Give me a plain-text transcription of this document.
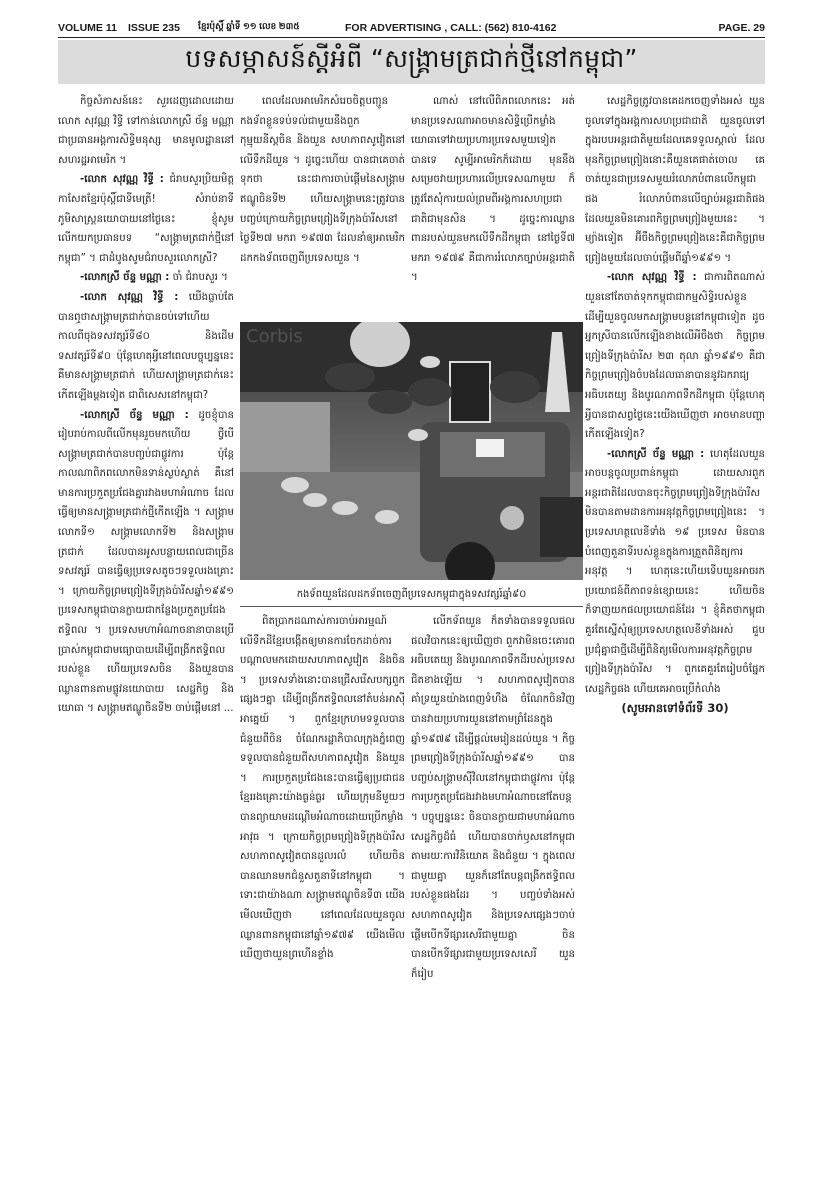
VOLUME 11	ISSUE 235	ខ្មែរប៉ុស្ដិ៍ ឆ្នាំទី ១១ លេខ ២៣៥	FOR ADVERTISING , CALL: (562) 810-4162	PAGE. 29
បទសម្ភាសន៍ស្ដីអំពី “សង្គ្រាមត្រជាក់ថ្មីនៅកម្ពុជា”

កិច្ចសំភាសន៍នេះ សួរដេញដោលដោយលោក សុវណ្ណ វិទ្ធី ទៅកាន់លោកស្រី ច័ន្ទ មណ្ណា ជាប្រធានអង្គការសិទ្ធិមនុស្ស មានមូលដ្ឋាននៅសហរដ្ឋអាមេរិក ។

-លោក សុវណ្ណ វិទ្ធី : ជំរាបសួរប្រិយមិត្តកាសែតខ្មែរប៉ុស្ដិ៍ជាទីមេត្រី! សំរាប់នាទីភូមិសាស្ត្រនយោបាយនៅថ្ងៃនេះ ខ្ញុំសូមលើកយកប្រធានបទ “សង្គ្រាមត្រជាក់ថ្មីនៅកម្ពុជា” ។ ជាដំបូងសូមជំរាបសួរលោកស្រី?

-លោកស្រី ច័ន្ទ មណ្ណា : ចាំ ជំរាបសួរ ។

-លោក សុវណ្ណ វិទ្ធី : យើងធ្លាប់តែបានឮថាសង្គ្រាមត្រជាក់បានចប់ទៅហើយ កាលពីចុងទសវត្សរ៍ទី៨០ និងដើមទសវត្សរ៍ទី៩០ ប៉ុន្តែហេតុអ្វីនៅពេលបច្ចុប្បន្ននេះ គឺមានសង្គ្រាមត្រជាក់ ហើយសង្គ្រាមត្រជាក់នេះកើតឡើងម្ដងទៀត ជាពិសេសនៅកម្ពុជា?

-លោកស្រី ច័ន្ទ មណ្ណា : ដូចខ្ញុំបានរៀបរាប់កាលពីលើកមុនរួចមកហើយ ថ្វីបើសង្គ្រាមត្រជាក់បានបញ្ចប់ជាផ្លូវការ ប៉ុន្តែកាលណាពិភពលោកមិនទាន់ស្ងប់ស្ងាត់ គឺនៅមានការប្រកួតប្រជែងគ្នារវាងមហាអំណាច ដែលធ្វើឲ្យមានសង្គ្រាមត្រជាក់ថ្មីកើតឡើង ។ សង្គ្រាមលោកទី១ សង្គ្រាមលោកទី២ និងសង្គ្រាមត្រជាក់ ដែលបានអូសបន្លាយពេលជាច្រើនទសវត្សរ៍ បានធ្វើឲ្យប្រទេសតូចៗទទួលរងគ្រោះ ។ ក្រោយកិច្ចព្រមព្រៀងទីក្រុងប៉ារីសឆ្នាំ១៩៩១ ប្រទេសកម្ពុជាបានក្លាយជាកន្លែងប្រកួតប្រជែងឥទ្ធិពល ។ ប្រទេសមហាអំណាចនានាបានប្រើប្រាស់កម្ពុជាជាមធ្យោបាយដើម្បីពង្រីកឥទ្ធិពលរបស់ខ្លួន ហើយប្រទេសចិន និងយួនបានឈ្លានពានតាមផ្លូវនយោបាយ សេដ្ឋកិច្ច និងយោធា ។ សង្គ្រាមឥណ្ឌូចិនទី២ ចាប់ផ្ដើមនៅ ...

ពេលដែលអាមេរិកសំរេចចិត្តបញ្ជូនកងទ័ពខ្លួនទប់ទល់ជាមួយនឹងពួកកុម្មុយនីស្តចិន និងយួន សហភាពសូវៀតនៅលើទឹកដីយួន ។ ដូច្នេះហើយ បានជាគេចាត់ទុកថា នេះជាការចាប់ផ្ដើមនៃសង្គ្រាមឥណ្ឌូចិនទី២ ហើយសង្គ្រាមនេះត្រូវបានបញ្ចប់ក្រោយកិច្ចព្រមព្រៀងទីក្រុងប៉ារីសនៅថ្ងៃទី២៧ មករា ១៩៧៣ ដែលនាំឲ្យអាមេរិកដកកងទ័ពចេញពីប្រទេសយួន ។

ណាស់ នៅលើពិភពលោកនេះ អត់មានប្រទេសណាអាចមានសិទ្ធិប្រើកម្លាំងយោធាទៅវាយប្រហារប្រទេសមួយទៀតបានទេ សូម្បីអាមេរិកក៏ដោយ មុននឹងសម្រេចវាយប្រហារលើប្រទេសណាមួយ ក៏ត្រូវតែសុំការយល់ព្រមពីអង្គការសហប្រជាជាតិជាមុនសិន ។ ដូច្នេះការឈ្លានពានរបស់យួនមកលើទឹកដីកម្ពុជា នៅថ្ងៃទី៧ មករា ១៩៧៩ គឺជាការរំលោភច្បាប់អន្តរជាតិ ។

Corbis
កងទ័ពយួនដែលដកទ័ពចេញពីប្រទេសកម្ពុជាក្នុងទសវត្សរ៍ឆ្នាំ៩០

ពិតប្រាកដណាស់ការចាប់អារម្មណ៍លើទឹកដីខ្មែរបង្កើតឲ្យមានការចែកដាច់ការបណ្ដាលមកដោយសហភាពសូវៀត និងចិន ។ ប្រទេសទាំងនោះបានជ្រើសរើសបក្សពួកផ្សេងៗគ្នា ដើម្បីពង្រីកឥទ្ធិពលនៅតំបន់អាស៊ីអាគ្នេយ៍ ។ ពួកខ្មែរក្រហមទទួលបានជំនួយពីចិន ចំណែករដ្ឋាភិបាលក្រុងភ្នំពេញទទួលបានជំនួយពីសហភាពសូវៀត និងយួន ។ ការប្រកួតប្រជែងនេះបានធ្វើឲ្យប្រជាជនខ្មែររងគ្រោះយ៉ាងធ្ងន់ធ្ងរ ហើយក្រុមនីមួយៗបានព្យាយាមដណ្ដើមអំណាចដោយប្រើកម្លាំងអាវុធ ។ ក្រោយកិច្ចព្រមព្រៀងទីក្រុងប៉ារីស សហភាពសូវៀតបានដួលរលំ ហើយចិនបានឈានមកជំនួសតួនាទីនៅកម្ពុជា ។ ទោះជាយ៉ាងណា សង្គ្រាមឥណ្ឌូចិនទី៣ យើងមើលឃើញថា នៅពេលដែលយួនចូលឈ្លានពានកម្ពុជានៅឆ្នាំ១៩៧៩ យើងមើលឃើញថាយួនព្រហើនខ្លាំង

លើកទ័ពយួន ក៏តទាំងបានទទួលផល ផលវិបាកនេះឲ្យឃើញថា ពួកវាមិនចេះគោរពអធិបតេយ្យ និងបូរណភាពទឹកដីរបស់ប្រទេសជិតខាងឡើយ ។ សហភាពសូវៀតបានគាំទ្រយួនយ៉ាងពេញទំហឹង ចំណែកចិនវិញបានវាយប្រហារយួននៅតាមព្រំដែនក្នុងឆ្នាំ១៩៧៩ ដើម្បីផ្ដល់មេរៀនដល់យួន ។ កិច្ចព្រមព្រៀងទីក្រុងប៉ារីសឆ្នាំ១៩៩១ បានបញ្ចប់សង្គ្រាមស៊ីវិលនៅកម្ពុជាជាផ្លូវការ ប៉ុន្តែការប្រកួតប្រជែងរវាងមហាអំណាចនៅតែបន្ត ។ បច្ចុប្បន្ននេះ ចិនបានក្លាយជាមហាអំណាចសេដ្ឋកិច្ចដ៏ធំ ហើយបានចាក់ឫសនៅកម្ពុជា តាមរយៈការវិនិយោគ និងជំនួយ ។ ក្នុងពេលជាមួយគ្នា យួនក៏នៅតែបន្តពង្រីកឥទ្ធិពលរបស់ខ្លួនផងដែរ ។ បញ្ចប់ទាំងអស់ សហភាពសូវៀត និងប្រទេសផ្សេងៗចាប់ផ្ដើមបើកទីផ្សារសេរីជាមួយគ្នា ចិន បានបើកទីផ្សារជាមួយប្រទេសសេរី យួនក៏រៀប

សេដ្ឋកិច្ចត្រូវបានគេដកចេញទាំងអស់ យួនចូលទៅក្នុងអង្គការសហប្រជាជាតិ យួនចូលទៅក្នុងរបបអន្តរជាតិមួយដែលគេទទួលស្គាល់ ដែលមុនកិច្ចព្រមព្រៀងនោះគឺយួនគេផាត់ចោល គេចាត់យួនជាប្រទេសមួយរំលោភបំពានលើកម្ពុជា ផង រំលោភបំពានលើច្បាប់អន្តរជាតិផង ដែលយួនមិនគោរពកិច្ចព្រមព្រៀងមួយនេះ ។ ម្យ៉ាងទៀត អ៊ីចឹងកិច្ចព្រមព្រៀងនេះគឺជាកិច្ចព្រមព្រៀងមួយដែលចាប់ផ្ដើមពីឆ្នាំ១៩៩១ ។

-លោក សុវណ្ណ វិទ្ធី : ជាការពិតណាស់ យួននៅតែចាត់ទុកកម្ពុជាជាកម្មសិទ្ធិរបស់ខ្លួន ដើម្បីយួនចូលមកសង្គ្រាមបន្តនៅកម្ពុជាទៀត ដូចអ្នកស្រីបានលើកឡើងខាងលើអីចឹងថា កិច្ចព្រមព្រៀងទីក្រុងប៉ារីស ២៣ តុលា ឆ្នាំ១៩៩១ គឺជាកិច្ចព្រមព្រៀងចំបងដែលធានាបាននូវឯករាជ្យ អធិបតេយ្យ និងបូរណភាពទឹកដីកម្ពុជា ប៉ុន្តែហេតុអ្វីបានជាសព្វថ្ងៃនេះយើងឃើញថា អាចមានបញ្ហាកើតឡើងទៀត?

-លោកស្រី ច័ន្ទ មណ្ណា : ហេតុដែលយួនអាចបន្តចូលប្រពាន់កម្ពុជា ដោយសារពួកអន្តរជាតិដែលបានចុះកិច្ចព្រមព្រៀងទីក្រុងប៉ារីសមិនបានតាមដានការអនុវត្តកិច្ចព្រមព្រៀងនេះ ។ ប្រទេសហត្ថលេខីទាំង ១៩ ប្រទេស មិនបានបំពេញតួនាទីរបស់ខ្លួនក្នុងការត្រួតពិនិត្យការអនុវត្ត ។ ហេតុនេះហើយទើបយួនអាចរកប្រយោជន៍ពីភាពទន់ខ្សោយនេះ ហើយចិនក៏ទាញយកផលប្រយោជន៍ដែរ ។ ខ្ញុំគិតថាកម្ពុជាគួរតែស្នើសុំឲ្យប្រទេសហត្ថលេខីទាំងអស់ ជួបប្រជុំគ្នាជាថ្មីដើម្បីពិនិត្យមើលការអនុវត្តកិច្ចព្រមព្រៀងទីក្រុងប៉ារីស ។ ពួកគេគួរតែរៀបចំផ្នែកសេដ្ឋកិច្ចផង ហើយគេអាចប្រើកំលាំង

(សូមអានទៅទំព័រទី 30)
